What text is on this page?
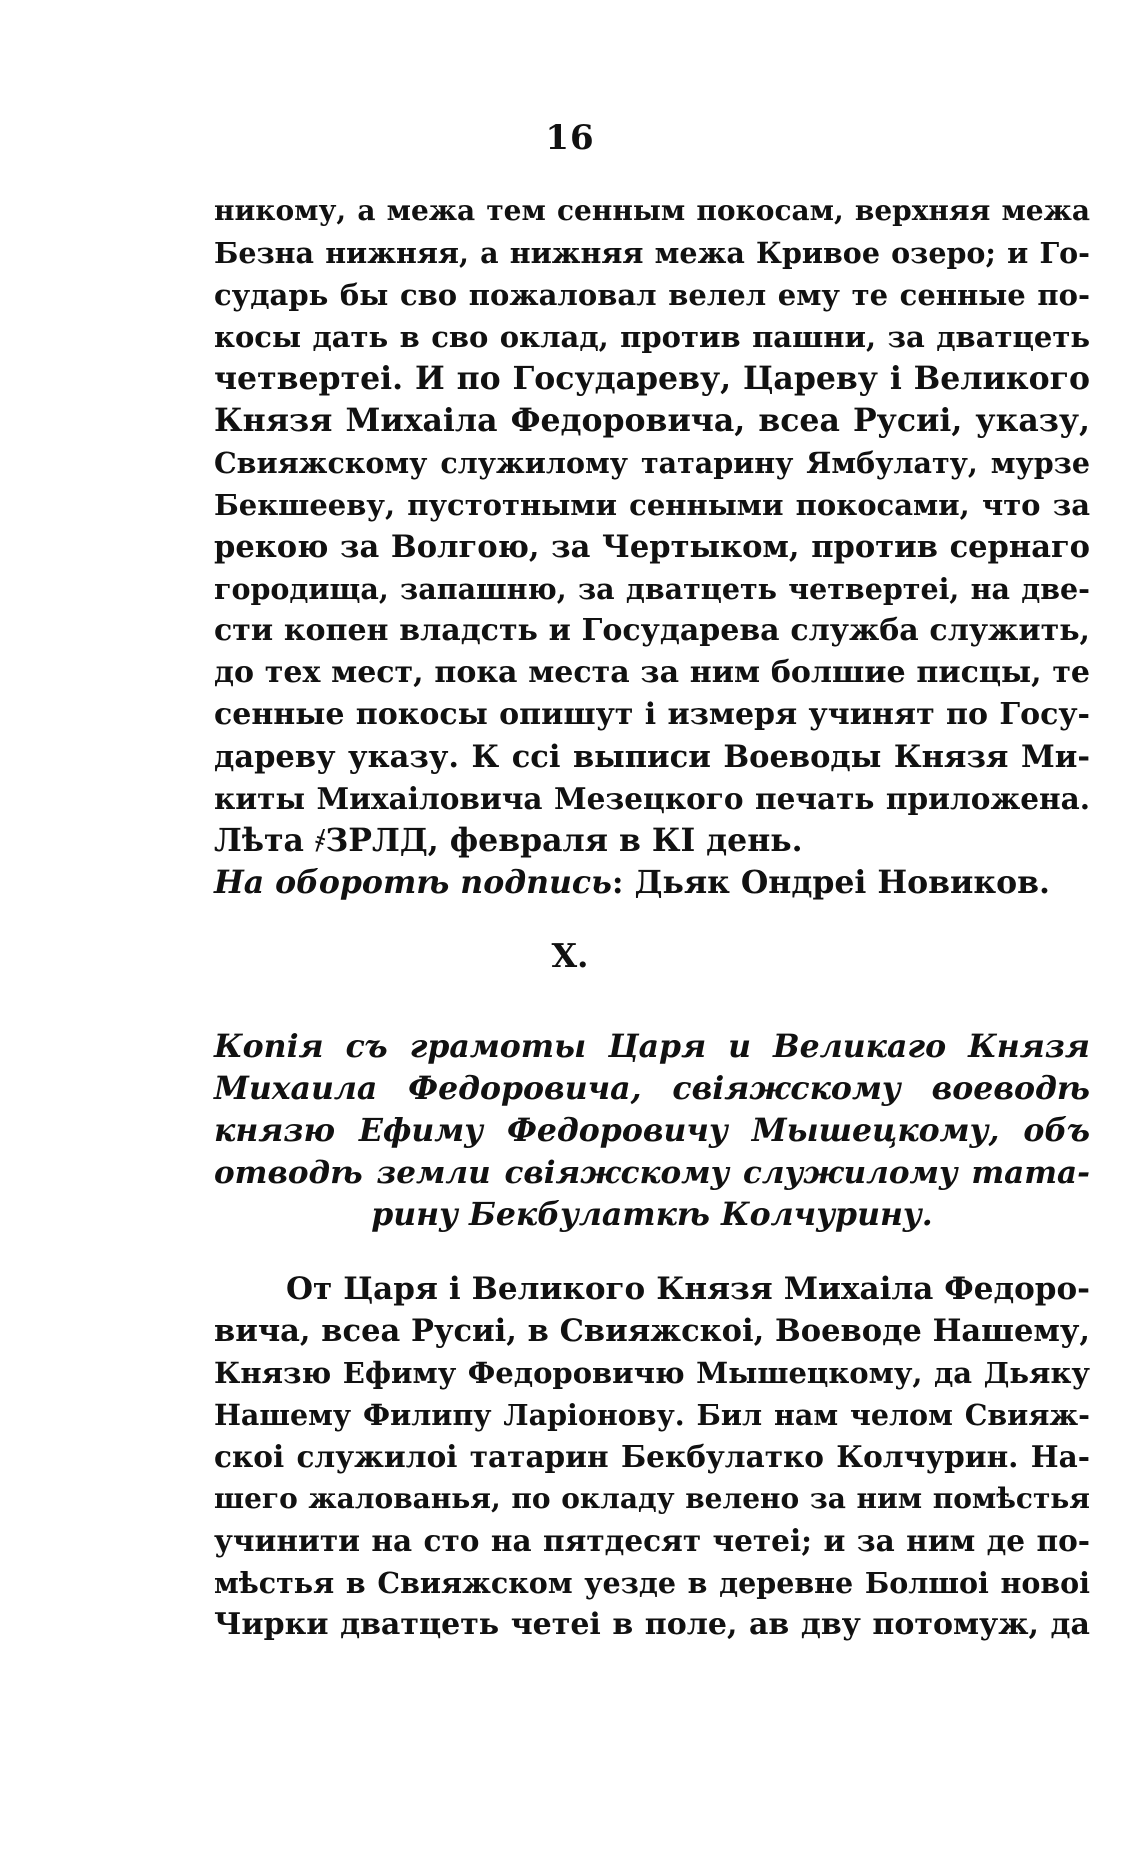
16
никому, а межа тем сенным покосам, верхняя межа
Безна нижняя, а нижняя межа Кривое озеро; и Го-
сударь бы сво пожаловал велел ему те сенные по-
косы дать в сво оклад, против пашни, за дватцеть
четвертеі. И по Государеву, Цареву і Великого
Князя Михаіла Федоровича, всеа Русиі, указу,
Свияжскому служилому татарину Ямбулату, мурзе
Бекшееву, пустотными сенными покосами, что за
рекою за Волгою, за Чертыком, против сернаго
городища, запашню, за дватцеть четвертеі, на две-
сти копен владсть и Государева служба служить,
до тех мест, пока места за ним болшие писцы, те
сенные покосы опишут і измеря учинят по Госу-
дареву указу. К ссі выписи Воеводы Князя Ми-
киты Михаіловича Мезецкого печать приложена.
Лѣта ҂ЗРЛД, февраля в КІ день.
На оборотѣ подпись: Дьяк Ондреі Новиков.
X.
Копія съ грамоты Царя и Великаго Князя
Михаила Федоровича, свіяжскому воеводѣ
князю Ефиму Федоровичу Мышецкому, объ
отводѣ земли свіяжскому служилому тата-
рину Бекбулаткѣ Колчурину.
От Царя і Великого Князя Михаіла Федоро-
вича, всеа Русиі, в Свияжскоі, Воеводе Нашему,
Князю Ефиму Федоровичю Мышецкому, да Дьяку
Нашему Филипу Ларіонову. Бил нам челом Свияж-
скоі служилоі татарин Бекбулатко Колчурин. На-
шего жалованья, по окладу велено за ним помѣстья
учинити на сто на пятдесят четеі; и за ним де по-
мѣстья в Свияжском уезде в деревне Болшоі новоі
Чирки дватцеть четеі в поле, ав дву потомуж, да
